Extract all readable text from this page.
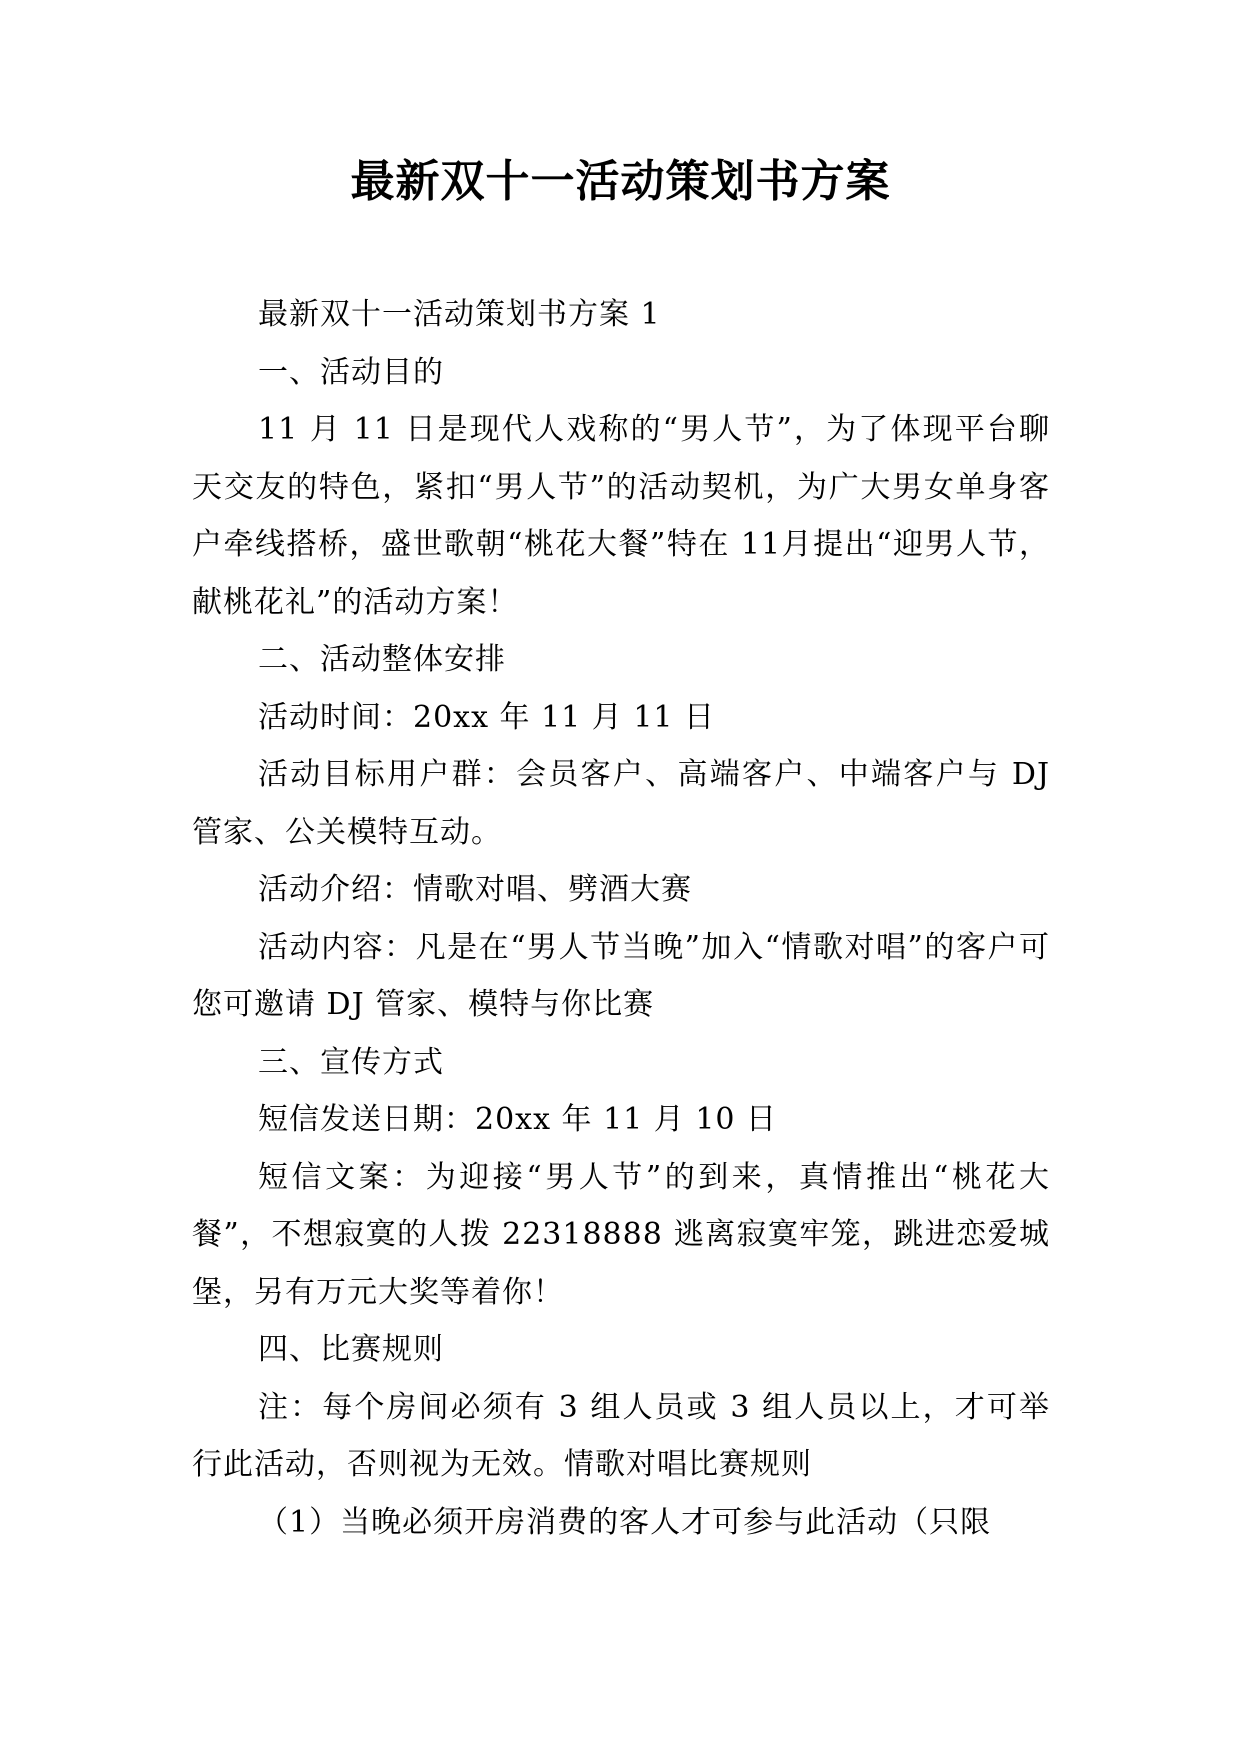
最新双十一活动策划书方案

最新双十一活动策划书方案 1

一、活动目的

11 月 11 日是现代人戏称的“男人节”，为了体现平台聊天交友的特色，紧扣“男人节”的活动契机，为广大男女单身客户牵线搭桥，盛世歌朝“桃花大餐”特在 11月提出“迎男人节，献桃花礼”的活动方案！

二、活动整体安排

活动时间：20xx 年 11 月 11 日

活动目标用户群：会员客户、高端客户、中端客户与 DJ 管家、公关模特互动。

活动介绍：情歌对唱、劈酒大赛

活动内容：凡是在“男人节当晚”加入“情歌对唱”的客户可您可邀请 DJ 管家、模特与你比赛

三、宣传方式

短信发送日期：20xx 年 11 月 10 日

短信文案：为迎接“男人节”的到来，真情推出“桃花大餐”，不想寂寞的人拨 22318888 逃离寂寞牢笼，跳进恋爱城堡，另有万元大奖等着你！

四、比赛规则

注：每个房间必须有 3 组人员或 3 组人员以上，才可举行此活动，否则视为无效。情歌对唱比赛规则

（1）当晚必须开房消费的客人才可参与此活动（只限
